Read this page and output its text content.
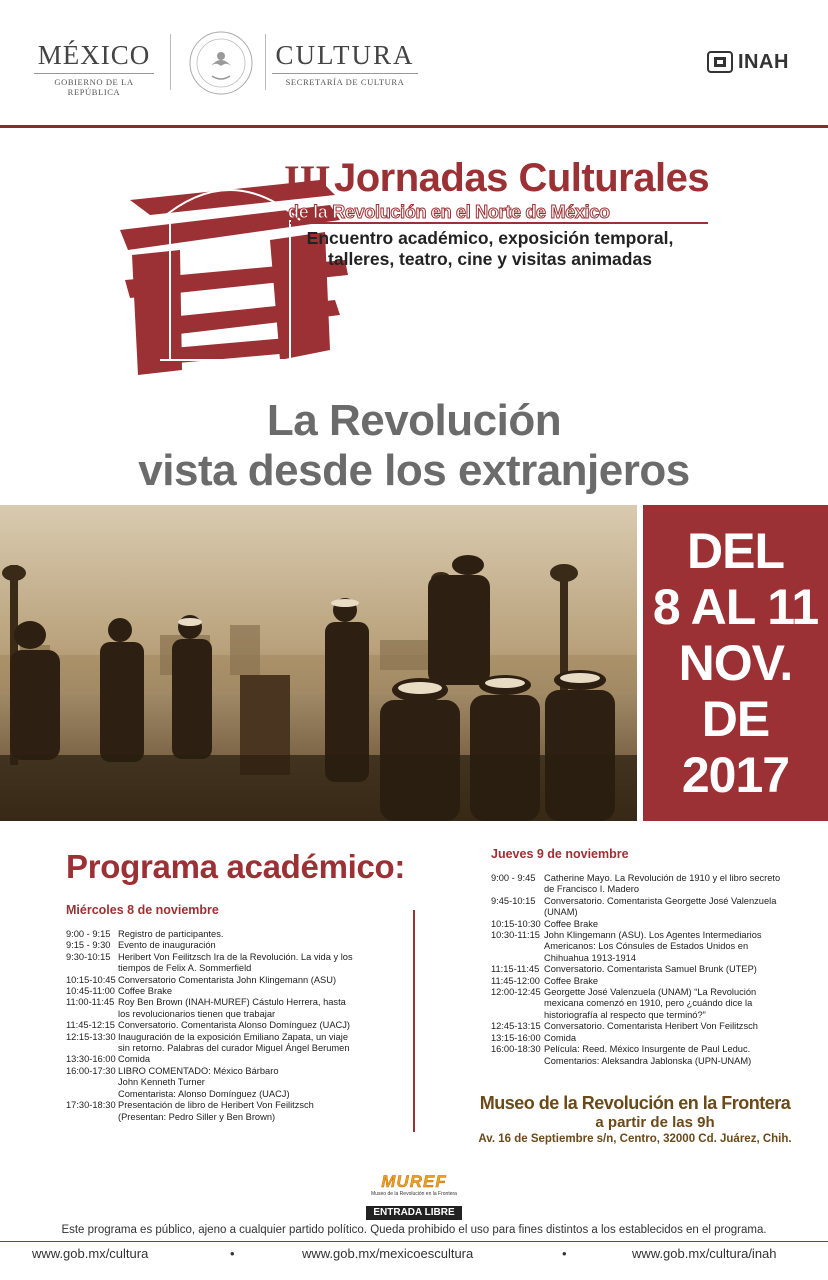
MÉXICO
GOBIERNO DE LA REPÚBLICA
CULTURA
SECRETARÍA DE CULTURA
INAH
III Jornadas Culturales
de la Revolución en el Norte de México
Encuentro académico, exposición temporal,
talleres, teatro, cine y visitas animadas
La Revolución
vista desde los extranjeros
DEL
8 AL 11
NOV.
DE
2017
Programa académico:
Miércoles 8 de noviembre
9:00 - 9:15 Registro de participantes.
9:15 - 9:30 Evento de inauguración
9:30-10:15 Heribert Von Feilitzsch Ira de la Revolución. La vida y los tiempos de Felix A. Sommerfield
10:15-10:45 Conversatorio Comentarista John Klingemann (ASU)
10:45-11:00 Coffee Brake
11:00-11:45 Roy Ben Brown (INAH-MUREF) Cástulo Herrera, hasta los revolucionarios tienen que trabajar
11:45-12:15 Conversatorio. Comentarista Alonso Domínguez (UACJ)
12:15-13:30 Inauguración de la exposición Emiliano Zapata, un viaje sin retorno. Palabras del curador Miguel Ángel Berumen
13:30-16:00 Comida
16:00-17:30 LIBRO COMENTADO: México Bárbaro
John Kenneth Turner
Comentarista: Alonso Domínguez (UACJ)
17:30-18:30 Presentación de libro de Heribert Von Feilitzsch (Presentan: Pedro Siller y Ben Brown)
Jueves 9 de noviembre
9:00 - 9:45 Catherine Mayo. La Revolución de 1910 y el libro secreto de Francisco I. Madero
9:45-10:15 Conversatorio. Comentarista Georgette José Valenzuela (UNAM)
10:15-10:30 Coffee Brake
10:30-11:15 John Klingemann (ASU). Los Agentes Intermediarios Americanos: Los Cónsules de Estados Unidos en Chihuahua 1913-1914
11:15-11:45 Conversatorio. Comentarista Samuel Brunk (UTEP)
11:45-12:00 Coffee Brake
12:00-12:45 Georgette José Valenzuela (UNAM) “La Revolución mexicana comenzó en 1910, pero ¿cuándo dice la historiografía al respecto que terminó?”
12:45-13:15 Conversatorio. Comentarista Heribert Von Feilitzsch
13:15-16:00 Comida
16:00-18:30 Película: Reed. México Insurgente de Paul Leduc. Comentarios: Aleksandra Jablonska (UPN-UNAM)
Museo de la Revolución en la Frontera
a partir de las 9h
Av. 16 de Septiembre s/n, Centro, 32000 Cd. Juárez, Chih.
MUREF
Museo de la Revolución en la Frontera
ENTRADA LIBRE
Este programa es público, ajeno a cualquier partido político. Queda prohibido el uso para fines distintos a los establecidos en el programa.
www.gob.mx/cultura	•	www.gob.mx/mexicoescultura	•	www.gob.mx/cultura/inah
